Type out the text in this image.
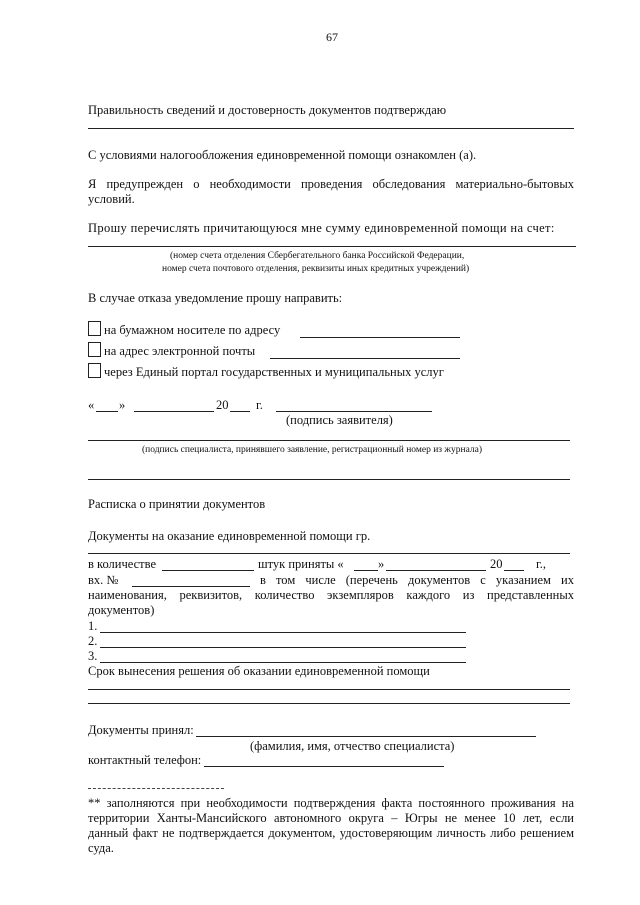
67
Правильность сведений и достоверность документов подтверждаю
С условиями налогообложения единовременной помощи ознакомлен (а).
Я предупрежден о необходимости проведения обследования материально-бытовых условий.
Прошу перечислять причитающуюся мне сумму единовременной помощи на счет:
(номер счета отделения Сбербегательного банка Российской Федерации,
номер счета почтового отделения, реквизиты иных кредитных учреждений)
В случае отказа уведомление прошу направить:
на бумажном носителе по адресу
на адрес электронной почты
через Единый портал государственных и муниципальных услуг
« »	20 г.
(подпись заявителя)
(подпись специалиста, принявшего заявление, регистрационный номер из журнала)
Расписка о принятии документов
Документы на оказание единовременной помощи гр.
в количестве	штук приняты «	»	20	г.,
вх. №	в том числе (перечень документов с указанием их наименования, реквизитов, количество экземпляров каждого из представленных документов)
1.
2.
3.
Срок вынесения решения об оказании единовременной помощи
Документы принял:
(фамилия, имя, отчество специалиста)
контактный телефон:
** заполняются при необходимости подтверждения факта постоянного проживания на территории Ханты-Мансийского автономного округа – Югры не менее 10 лет, если данный факт не подтверждается документом, удостоверяющим личность либо решением суда.
